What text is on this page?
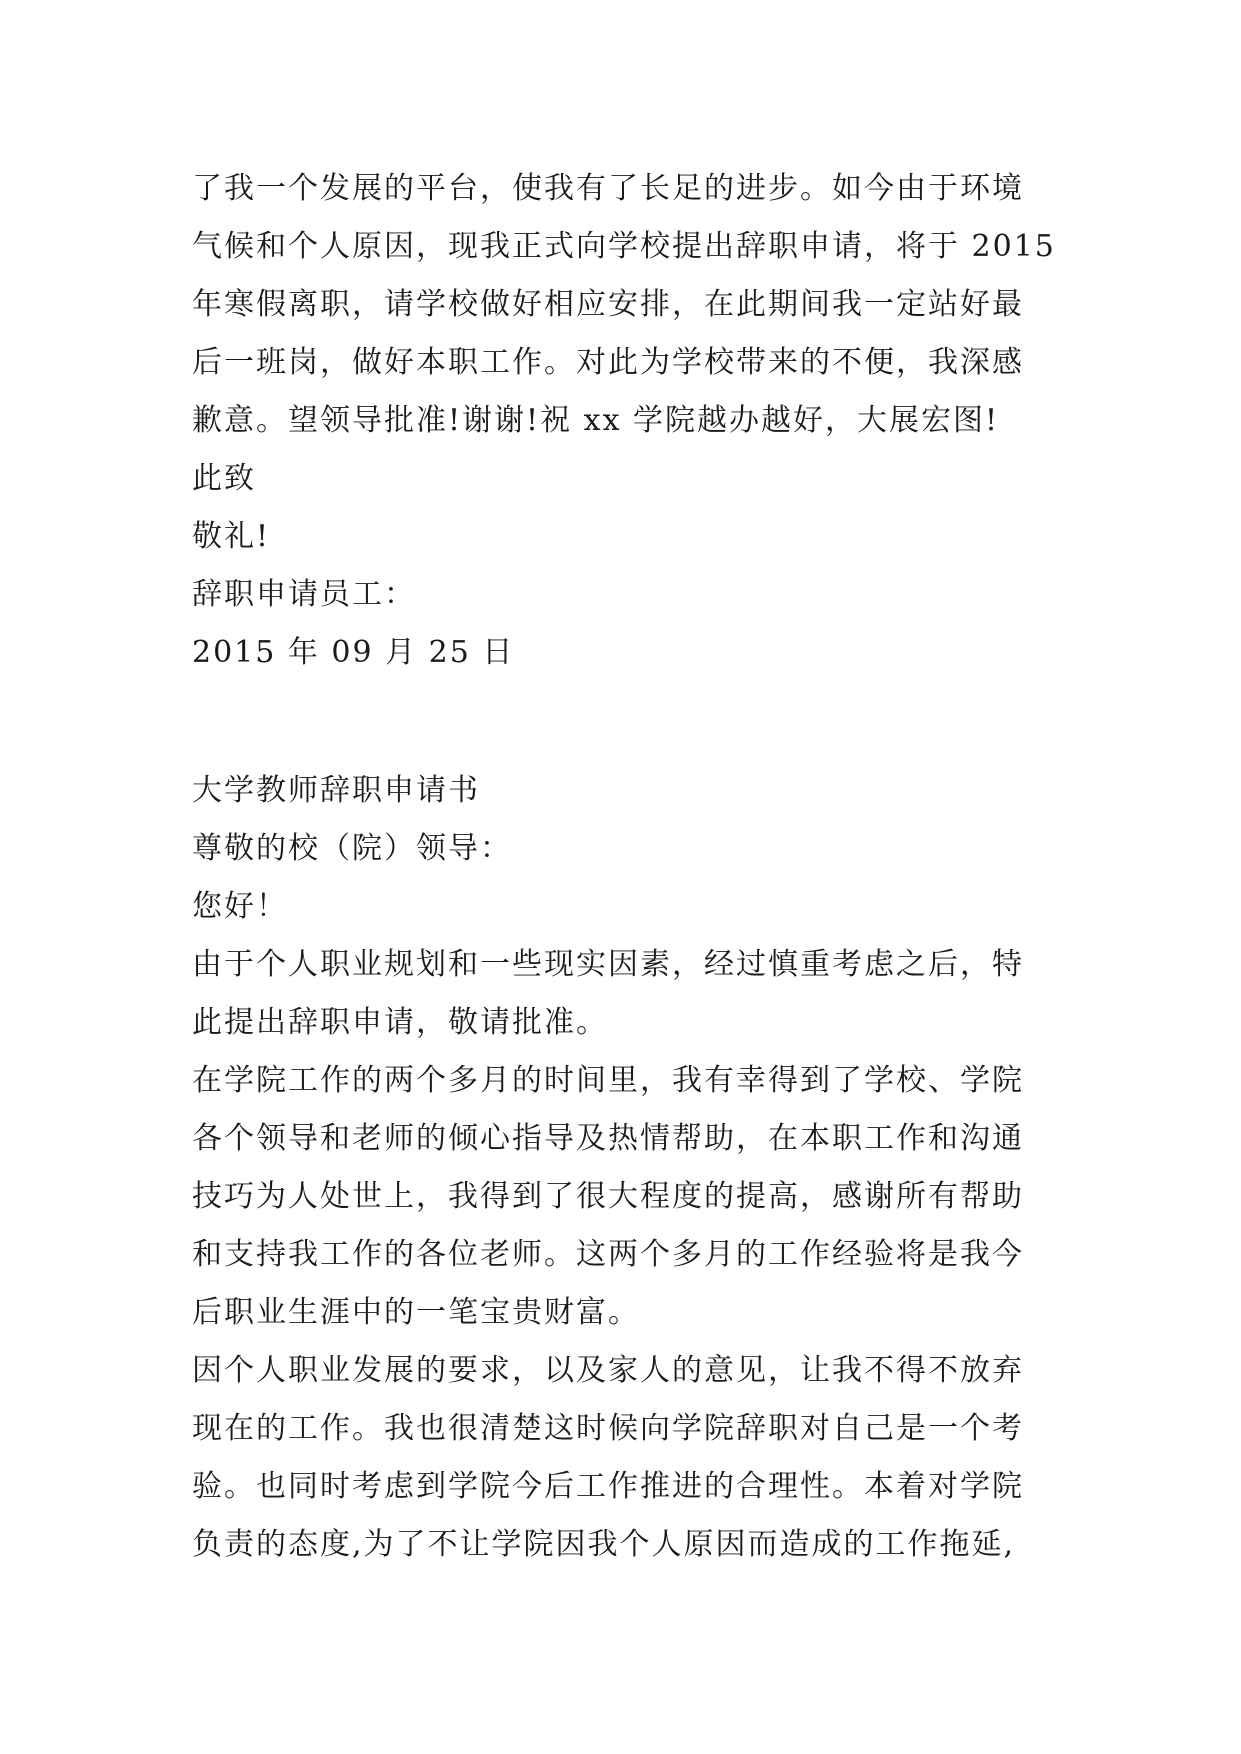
了我一个发展的平台，使我有了长足的进步。如今由于环境
气候和个人原因，现我正式向学校提出辞职申请，将于 2015
年寒假离职，请学校做好相应安排，在此期间我一定站好最
后一班岗，做好本职工作。对此为学校带来的不便，我深感
歉意。望领导批准!谢谢!祝 xx 学院越办越好，大展宏图!
此致
敬礼!
辞职申请员工：
2015 年 09 月 25 日
大学教师辞职申请书
尊敬的校（院）领导：
您好！
由于个人职业规划和一些现实因素，经过慎重考虑之后，特
此提出辞职申请，敬请批准。
在学院工作的两个多月的时间里，我有幸得到了学校、学院
各个领导和老师的倾心指导及热情帮助，在本职工作和沟通
技巧为人处世上，我得到了很大程度的提高，感谢所有帮助
和支持我工作的各位老师。这两个多月的工作经验将是我今
后职业生涯中的一笔宝贵财富。
因个人职业发展的要求，以及家人的意见，让我不得不放弃
现在的工作。我也很清楚这时候向学院辞职对自己是一个考
验。也同时考虑到学院今后工作推进的合理性。本着对学院
负责的态度,为了不让学院因我个人原因而造成的工作拖延,
